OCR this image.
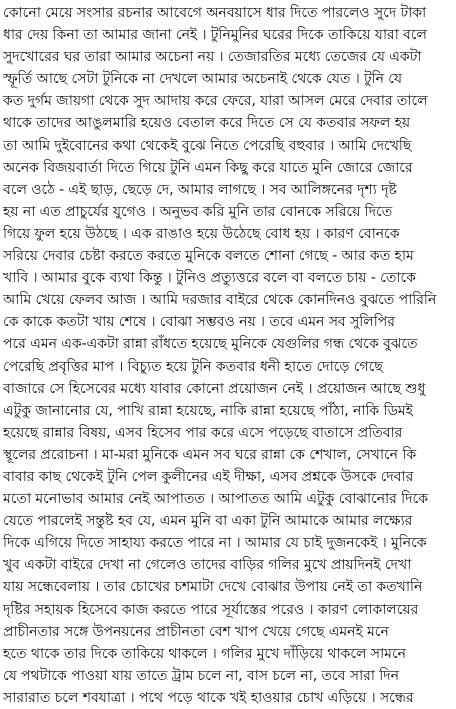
কোনো মেয়ে সংসার রচনার আবেগে অনবয়াসে ধার দিতে পারলেও সুদে টাকা
ধার দেয় কিনা তা আমার জানা নেই । টুনিমুনির ঘরের দিকে তাকিয়ে যারা বলে
সুদখোরের ঘর তারা আমার অচেনা নয় । তেজারতির মধ্যে তেজের যে একটা
স্ফূর্তি আছে সেটা টুনিকে না দেখলে আমার অচেনাই থেকে যেত । টুনি যে
কত দুর্গম জায়গা থেকে সুদ আদায় করে ফেরে, যারা আসল মেরে দেবার তালে
থাকে তাদের আঙুলমারি হয়েও বেতাল করে দিতে সে যে কতবার সফল হয়
তা আমি দুইবোনের কথা থেকেই বুঝে নিতে পেরেছি বহুবার । আমি দেখেছি
অনেক বিজয়বার্তা দিতে গিয়ে টুনি এমন কিছু করে যাতে মুনি জোরে জোরে
বলে ওঠে - এই ছাড়, ছেড়ে দে, আমার লাগছে । সব আলিঙ্গনের দৃশ্য দৃষ্ট
হয় না এত প্রাচুর্যের যুগেও । অনুভব করি মুনি তার বোনকে সরিয়ে দিতে
গিয়ে ফুল হয়ে উঠছে । এক রাঙাও হয়ে উঠেছে বোধ হয় । কারণ বোনকে
সরিয়ে দেবার চেষ্টা করতে করতে মুনিকে বলতে শোনা গেছে - আর কত হাম
খাবি । আমার বুকে ব্যথা কিন্তু । টুনিও প্রত্যুত্তরে বলে বা বলতে চায় - তোকে
আমি খেয়ে ফেলব আজ । আমি দরজার বাইরে থেকে কোনদিনও বুঝতে পারিনি
কে কাকে কতটা খায় শেষে । বোঝা সম্ভবও নয় । তবে এমন সব সুলিপির
পরে এমন এক-একটা রান্না রাঁধতে হয়েছে মুনিকে যেগুলির গন্ধ থেকে বুঝতে
পেরেছি প্রবৃত্তির মাপ । বিচ্যুত হয়ে টুনি কতবার ধনী হাতে দোড়ে গেছে
বাজারে সে হিসেবের মধ্যে যাবার কোনো প্রয়োজন নেই । প্রয়োজন আছে শুধু
এটুকু জানানোর যে, পাখি রান্না হয়েছে, নাকি রান্না হয়েছে পাঁঠা, নাকি ডিমই
হয়েছে রান্নার বিষয়, এসব হিসেব পার করে এসে পড়েছে বাতাসে প্রতিবার
স্থূলের প্ররোচনা । মা-মরা মুনিকে এমন সব ঘরে রান্না কে শেখাল, সেখানে কি
বাবার কাছ থেকেই টুনি পেল কুলীনের এই দীক্ষা, এসব প্রশ্নকে উসকে দেবার
মতো মনোভাব আমার নেই আপাতত । আপাতত আমি এটুকু বোঝানোর দিকে
যেতে পারলেই সন্তুষ্ট হব যে, এমন মুনি বা একা টুনি আমাকে আমার লক্ষ্যের
দিকে এগিয়ে দিতে সাহায্য করতে পারে না । আমার যে চাই দুজনকেই । মুনিকে
খুব একটা বাইরে দেখা না গেলেও তাদের বাড়ির গলির মুখে প্রায়দিনই দেখা
যায় সন্ধেবেলায় । তার চোখের চশমাটা দেখে বোঝার উপায় নেই তা কতখানি
দৃষ্টির সহায়ক হিসেবে কাজ করতে পারে সূর্যাস্তের পরেও । কারণ লোকালয়ের
প্রাচীনতার সঙ্গে উপনয়নের প্রাচীনতা বেশ খাপ খেয়ে গেছে এমনই মনে
হতে থাকে তার দিকে তাকিয়ে থাকলে । গলির মুখে দাঁড়িয়ে থাকলে সামনে
যে পথটাকে পাওয়া যায় তাতে ট্রাম চলে না, বাস চলে না, তবে সারা দিন
সারারাত চলে শবযাত্রা । পথে পড়ে থাকে খই হাওয়ার চোখ এড়িয়ে । সন্ধের
